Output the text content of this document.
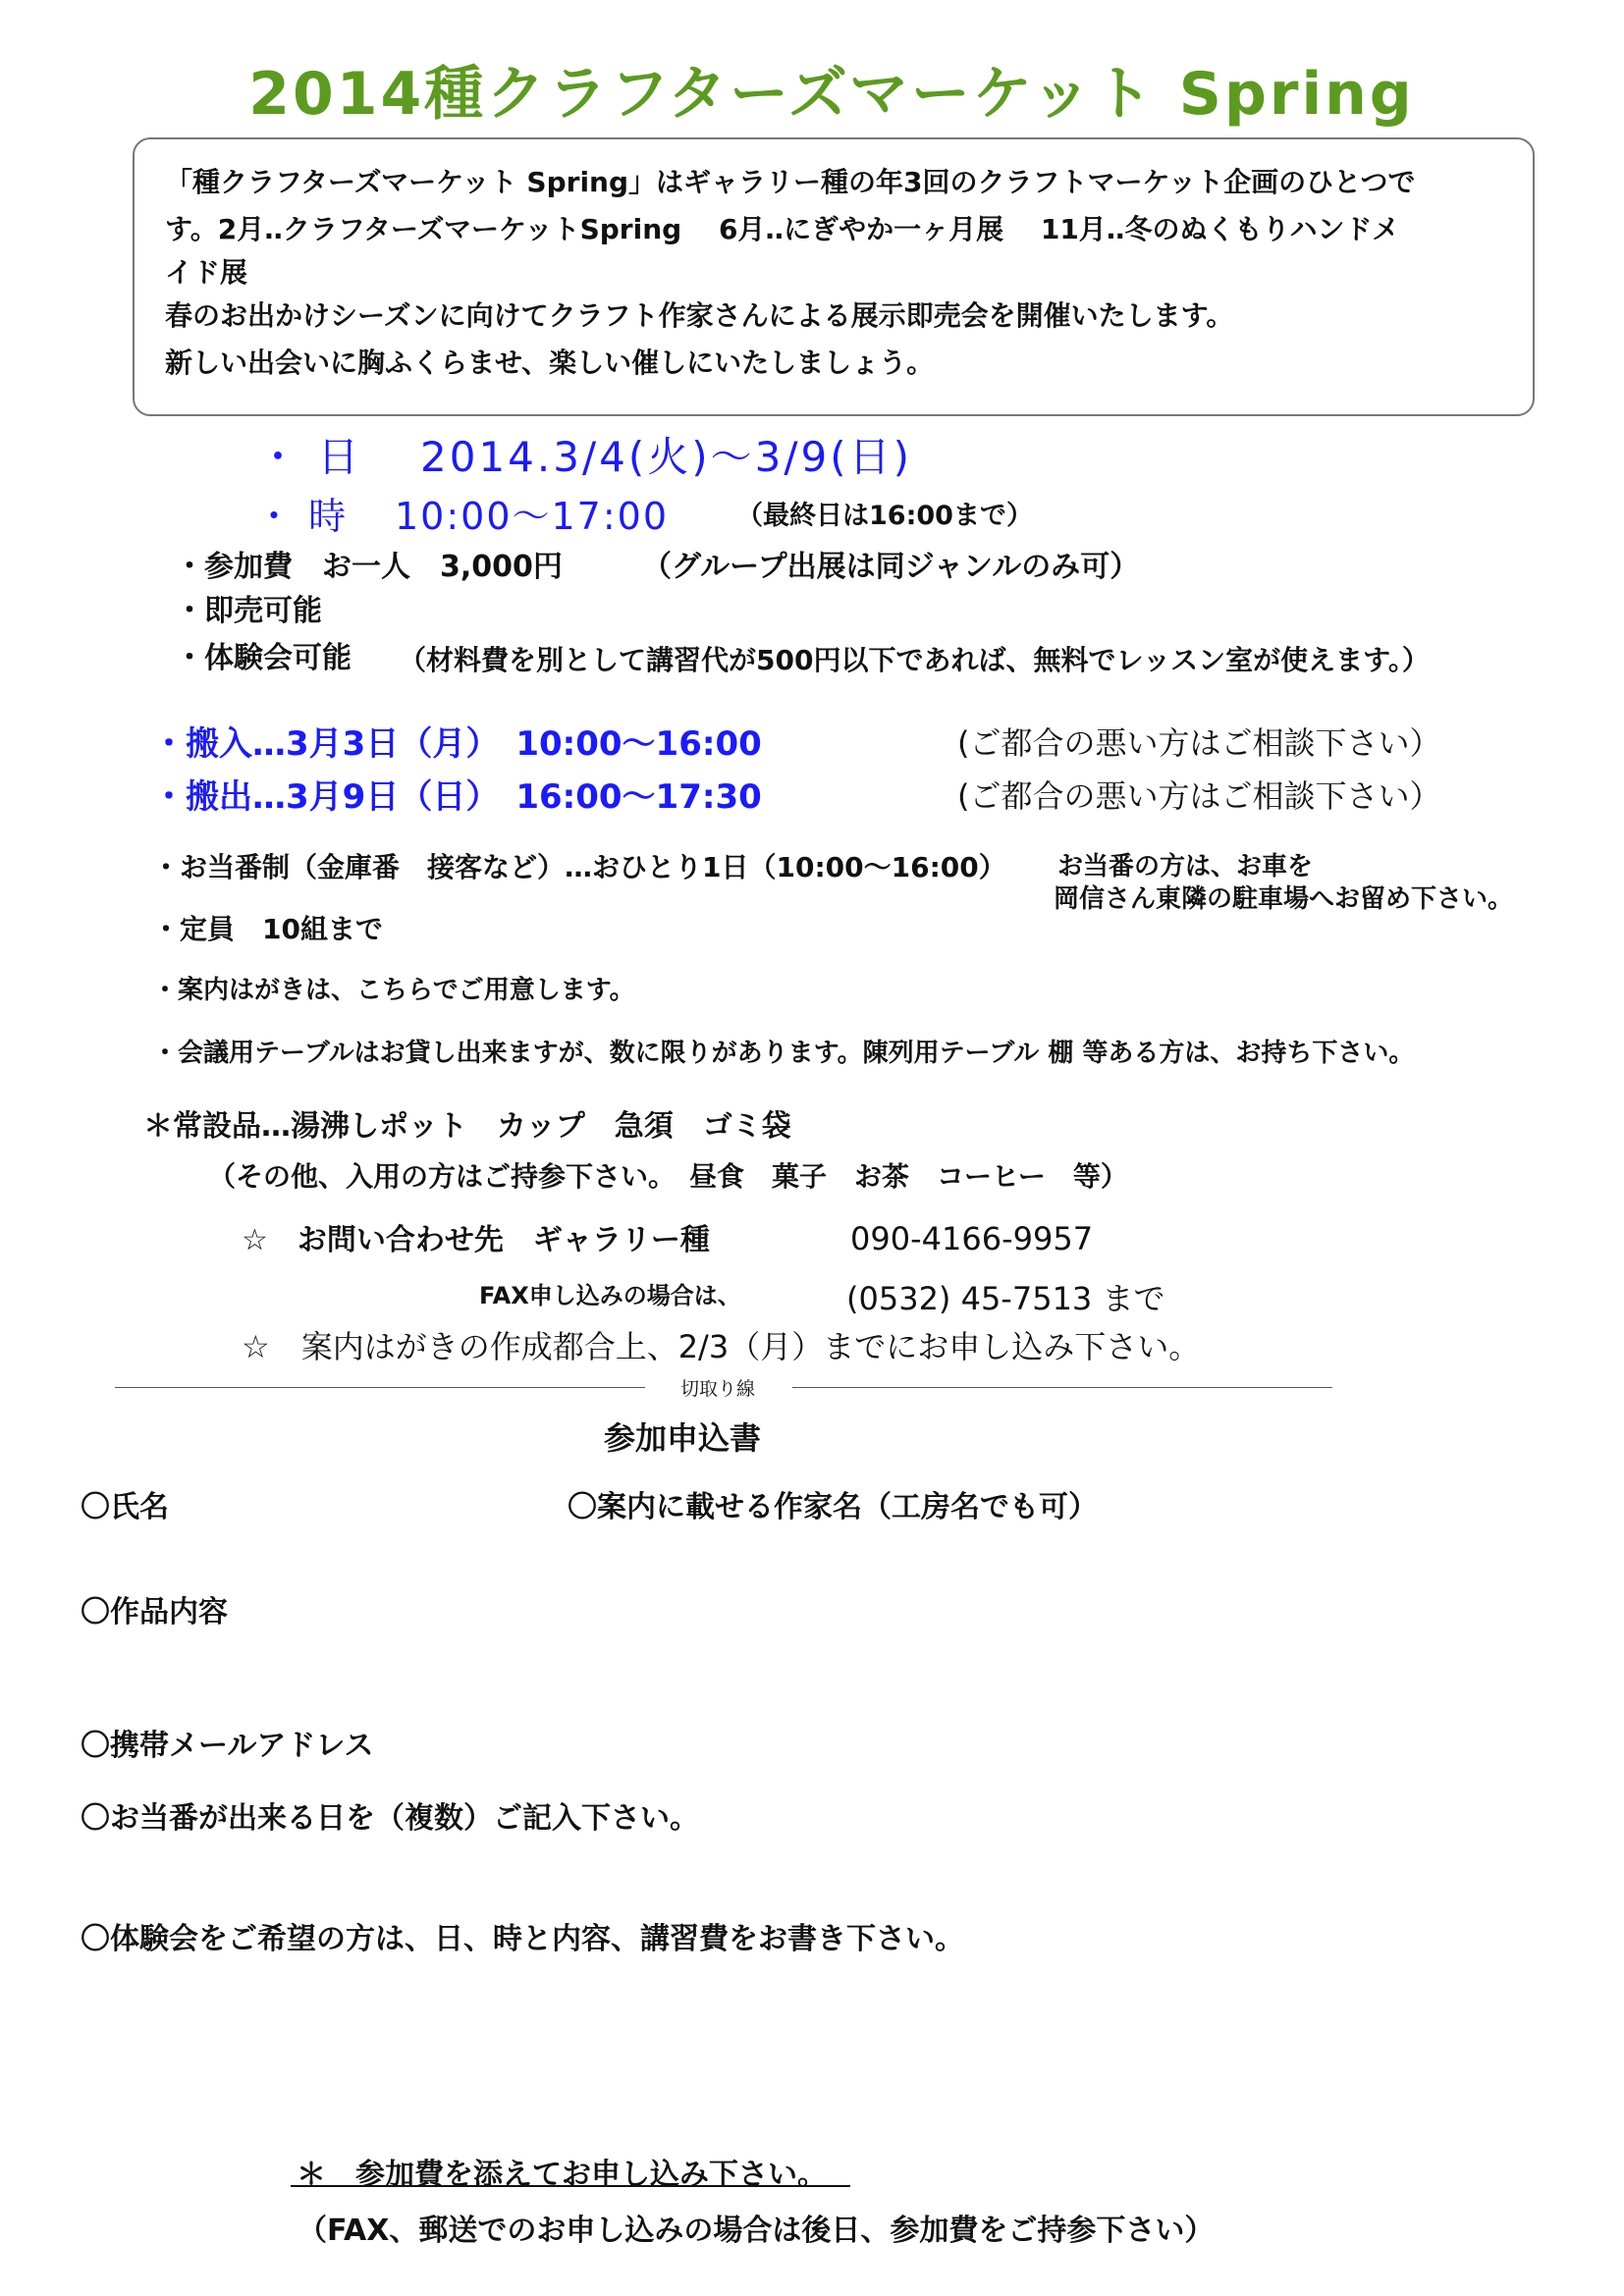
2014種クラフターズマーケット Spring

「種クラフターズマーケット Spring」はギャラリー種の年3回のクラフトマーケット企画のひとつで

す。2月‥クラフターズマーケットSpring　 6月‥にぎやか一ヶ月展　 11月‥冬のぬくもりハンドメ

イド展

春のお出かけシーズンに向けてクラフト作家さんによる展示即売会を開催いたします。

新しい出会いに胸ふくらませ、楽しい催しにいたしましょう。

・ 日 2014.3/4(火)～3/9(日)
・ 時 10:00～17:00	（最終日は16:00まで）
・参加費　お一人　3,000円	（グループ出展は同ジャンルのみ可）
・即売可能
・体験会可能 （材料費を別として講習代が500円以下であれば、無料でレッスン室が使えます。）
・搬入…3月3日（月）　10:00～16:00	(ご都合の悪い方はご相談下さい）
・搬出…3月9日（日）　16:00～17:30	(ご都合の悪い方はご相談下さい）
・お当番制（金庫番　接客など）…おひとり1日（10:00～16:00） お当番の方は、お車を
岡信さん東隣の駐車場へお留め下さい。
・定員　10組まで
・案内はがきは、こちらでご用意します。
・会議用テーブルはお貸し出来ますが、数に限りがあります。陳列用テーブル 棚 等ある方は、お持ち下さい。
＊常設品…湯沸しポット　カップ　急須　ゴミ袋
（その他、入用の方はご持参下さい。　昼食　菓子　お茶　コーヒー　等）
☆　お問い合わせ先　ギャラリー種	090-4166-9957
FAX申し込みの場合は、	(0532) 45-7513 まで
☆　案内はがきの作成都合上、2/3（月）までにお申し込み下さい。
切取り線
参加申込書
〇氏名	〇案内に載せる作家名（工房名でも可）
〇作品内容
〇携帯メールアドレス
〇お当番が出来る日を（複数）ご記入下さい。
〇体験会をご希望の方は、日、時と内容、講習費をお書き下さい。
＊　参加費を添えてお申し込み下さい。
（FAX、郵送でのお申し込みの場合は後日、参加費をご持参下さい）
